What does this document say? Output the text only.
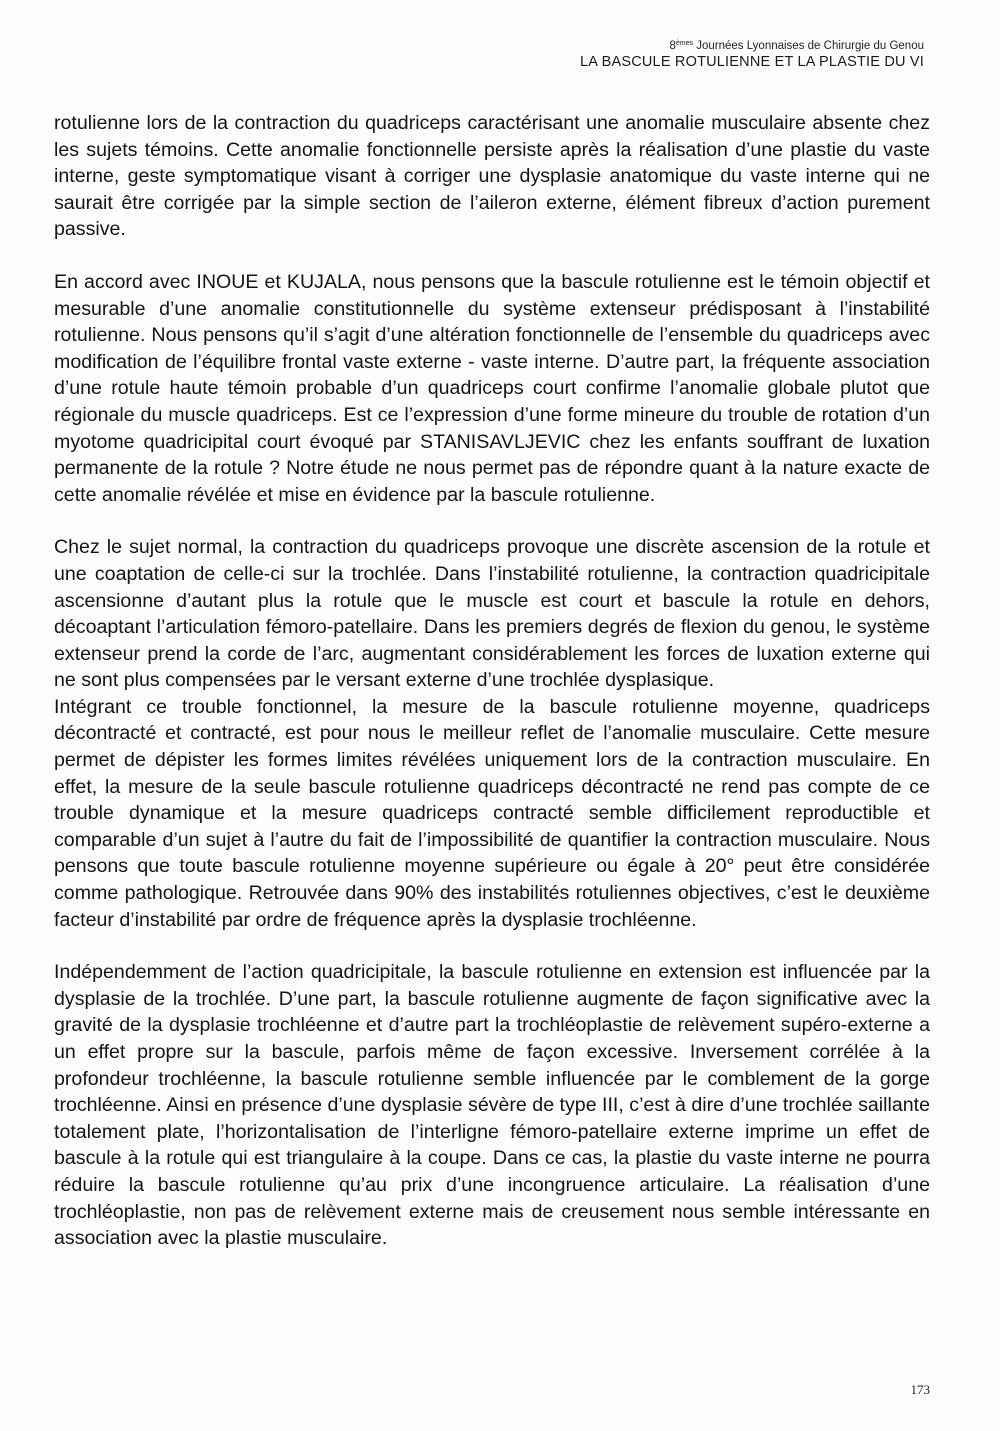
8èmes Journées Lyonnaises de Chirurgie du Genou
LA BASCULE ROTULIENNE ET LA PLASTIE DU VI

rotulienne lors de la contraction du quadriceps caractérisant une anomalie musculaire absente chez les sujets témoins. Cette anomalie fonctionnelle persiste après la réalisation d’une plastie du vaste interne, geste symptomatique visant à corriger une dysplasie anatomique du vaste interne qui ne saurait être corrigée par la simple section de l’aileron externe, élément fibreux d’action purement passive.

En accord avec INOUE et KUJALA, nous pensons que la bascule rotulienne est le témoin objectif et mesurable d’une anomalie constitutionnelle du système extenseur prédisposant à l’instabilité rotulienne. Nous pensons qu’il s’agit d’une altération fonctionnelle de l’ensemble du quadriceps avec modification de l’équilibre frontal vaste externe - vaste interne. D’autre part, la fréquente association d’une rotule haute témoin probable d’un quadriceps court confirme l’anomalie globale plutot que régionale du muscle quadriceps. Est ce l’expression d’une forme mineure du trouble de rotation d’un myotome quadricipital court évoqué par STANISAVLJEVIC chez les enfants souffrant de luxation permanente de la rotule ? Notre étude ne nous permet pas de répondre quant à la nature exacte de cette anomalie révélée et mise en évidence par la bascule rotulienne.

Chez le sujet normal, la contraction du quadriceps provoque une discrète ascension de la rotule et une coaptation de celle-ci sur la trochlée. Dans l’instabilité rotulienne, la contraction quadricipitale ascensionne d’autant plus la rotule que le muscle est court et bascule la rotule en dehors, décoaptant l’articulation fémoro-patellaire. Dans les premiers degrés de flexion du genou, le système extenseur prend la corde de l’arc, augmentant considérablement les forces de luxation externe qui ne sont plus compensées par le versant externe d’une trochlée dysplasique.

Intégrant ce trouble fonctionnel, la mesure de la bascule rotulienne moyenne, quadriceps décontracté et contracté, est pour nous le meilleur reflet de l’anomalie musculaire. Cette mesure permet de dépister les formes limites révélées uniquement lors de la contraction musculaire. En effet, la mesure de la seule bascule rotulienne quadriceps décontracté ne rend pas compte de ce trouble dynamique et la mesure quadriceps contracté semble difficilement reproductible et comparable d’un sujet à l’autre du fait de l’impossibilité de quantifier la contraction musculaire. Nous pensons que toute bascule rotulienne moyenne supérieure ou égale à 20° peut être considérée comme pathologique. Retrouvée dans 90% des instabilités rotuliennes objectives, c’est le deuxième facteur d’instabilité par ordre de fréquence après la dysplasie trochléenne.

Indépendemment de l’action quadricipitale, la bascule rotulienne en extension est influencée par la dysplasie de la trochlée. D’une part, la bascule rotulienne augmente de façon significative avec la gravité de la dysplasie trochléenne et d’autre part la trochléoplastie de relèvement supéro-externe a un effet propre sur la bascule, parfois même de façon excessive. Inversement corrélée à la profondeur trochléenne, la bascule rotulienne semble influencée par le comblement de la gorge trochléenne. Ainsi en présence d’une dysplasie sévère de type III, c’est à dire d’une trochlée saillante totalement plate, l’horizontalisation de l’interligne fémoro-patellaire externe imprime un effet de bascule à la rotule qui est triangulaire à la coupe. Dans ce cas, la plastie du vaste interne ne pourra réduire la bascule rotulienne qu’au prix d’une incongruence articulaire. La réalisation d’une trochléoplastie, non pas de relèvement externe mais de creusement nous semble intéressante en association avec la plastie musculaire.

173
